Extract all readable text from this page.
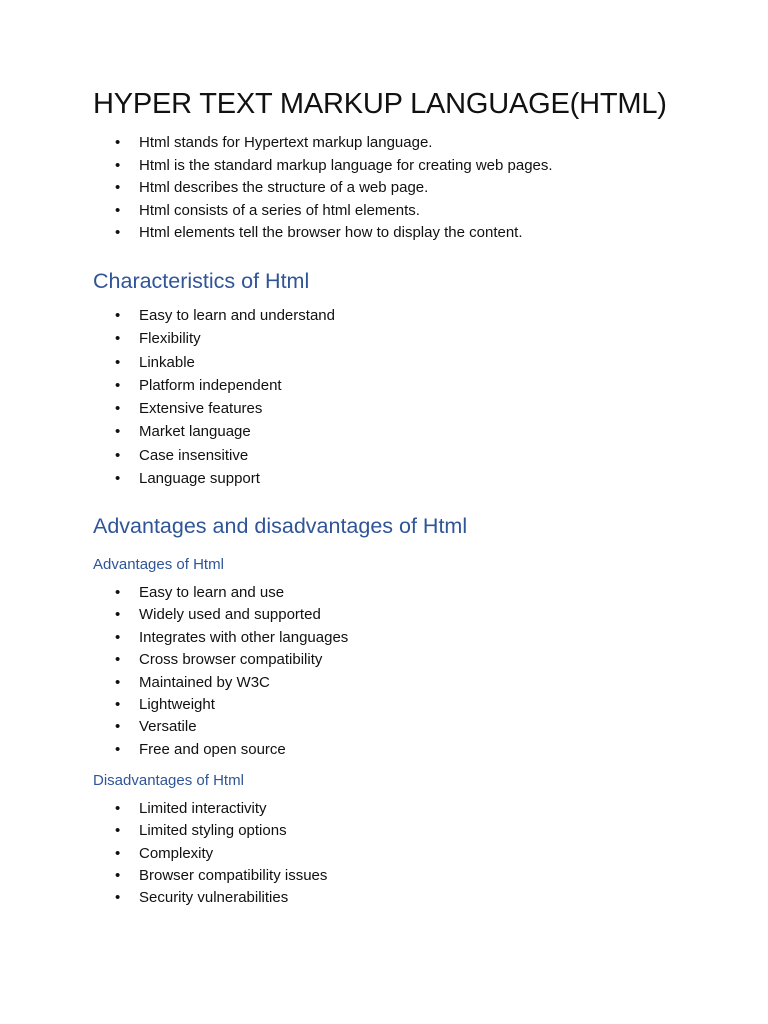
HYPER TEXT MARKUP LANGUAGE(HTML)
• Html stands for Hypertext markup language.
• Html is the standard markup language for creating web pages.
• Html describes the structure of a web page.
• Html consists of a series of html elements.
• Html elements tell the browser how to display the content.
Characteristics of Html
• Easy to learn and understand
• Flexibility
• Linkable
• Platform independent
• Extensive features
• Market language
• Case insensitive
• Language support
Advantages and disadvantages of Html
Advantages of Html
• Easy to learn and use
• Widely used and supported
• Integrates with other languages
• Cross browser compatibility
• Maintained by W3C
• Lightweight
• Versatile
• Free and open source
Disadvantages of Html
• Limited interactivity
• Limited styling options
• Complexity
• Browser compatibility issues
• Security vulnerabilities
